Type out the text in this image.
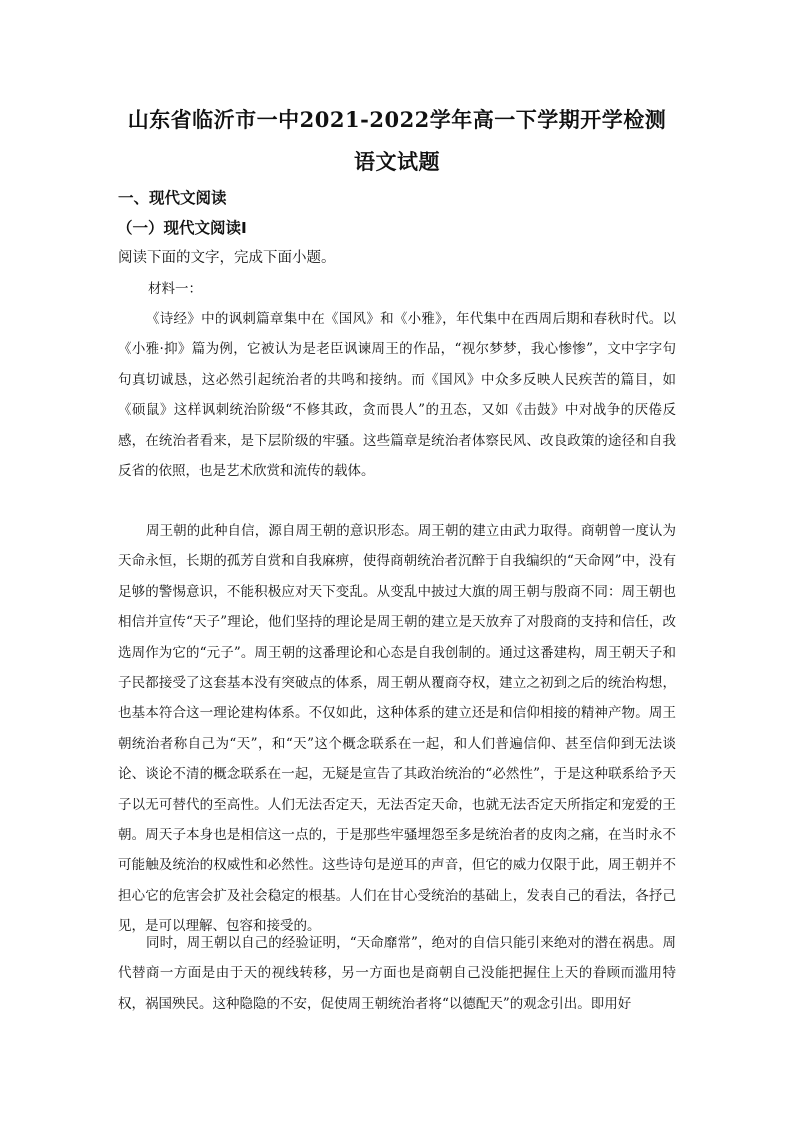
山东省临沂市一中2021-2022学年高一下学期开学检测
语文试题
一、现代文阅读
（一）现代文阅读Ⅰ
阅读下面的文字，完成下面小题。
材料一：

《诗经》中的讽刺篇章集中在《国风》和《小雅》，年代集中在西周后期和春秋时代。以《小雅·抑》篇为例，它被认为是老臣讽谏周王的作品，“视尔梦梦，我心惨惨”，文中字字句句真切诚恳，这必然引起统治者的共鸣和接纳。而《国风》中众多反映人民疾苦的篇目，如《硕鼠》这样讽刺统治阶级“不修其政，贪而畏人”的丑态，又如《击鼓》中对战争的厌倦反感，在统治者看来，是下层阶级的牢骚。这些篇章是统治者体察民风、改良政策的途径和自我反省的依照，也是艺术欣赏和流传的载体。

周王朝的此种自信，源自周王朝的意识形态。周王朝的建立由武力取得。商朝曾一度认为天命永恒，长期的孤芳自赏和自我麻痹，使得商朝统治者沉醉于自我编织的“天命网”中，没有足够的警惕意识，不能积极应对天下变乱。从变乱中披过大旗的周王朝与殷商不同：周王朝也相信并宣传“天子”理论，他们坚持的理论是周王朝的建立是天放弃了对殷商的支持和信任，改选周作为它的“元子”。周王朝的这番理论和心态是自我创制的。通过这番建构，周王朝天子和子民都接受了这套基本没有突破点的体系，周王朝从覆商夺权，建立之初到之后的统治构想，也基本符合这一理论建构体系。不仅如此，这种体系的建立还是和信仰相接的精神产物。周王朝统治者称自己为“天”，和“天”这个概念联系在一起，和人们普遍信仰、甚至信仰到无法谈论、谈论不清的概念联系在一起，无疑是宣告了其政治统治的“必然性”，于是这种联系给予天子以无可替代的至高性。人们无法否定天，无法否定天命，也就无法否定天所指定和宠爱的王朝。周天子本身也是相信这一点的，于是那些牢骚埋怨至多是统治者的皮肉之痛，在当时永不可能触及统治的权威性和必然性。这些诗句是逆耳的声音，但它的威力仅限于此，周王朝并不担心它的危害会扩及社会稳定的根基。人们在甘心受统治的基础上，发表自己的看法，各抒己见，是可以理解、包容和接受的。

同时，周王朝以自己的经验证明，“天命靡常”，绝对的自信只能引来绝对的潜在祸患。周代替商一方面是由于天的视线转移，另一方面也是商朝自己没能把握住上天的眷顾而滥用特权，祸国殃民。这种隐隐的不安，促使周王朝统治者将“以德配天”的观念引出。即用好
